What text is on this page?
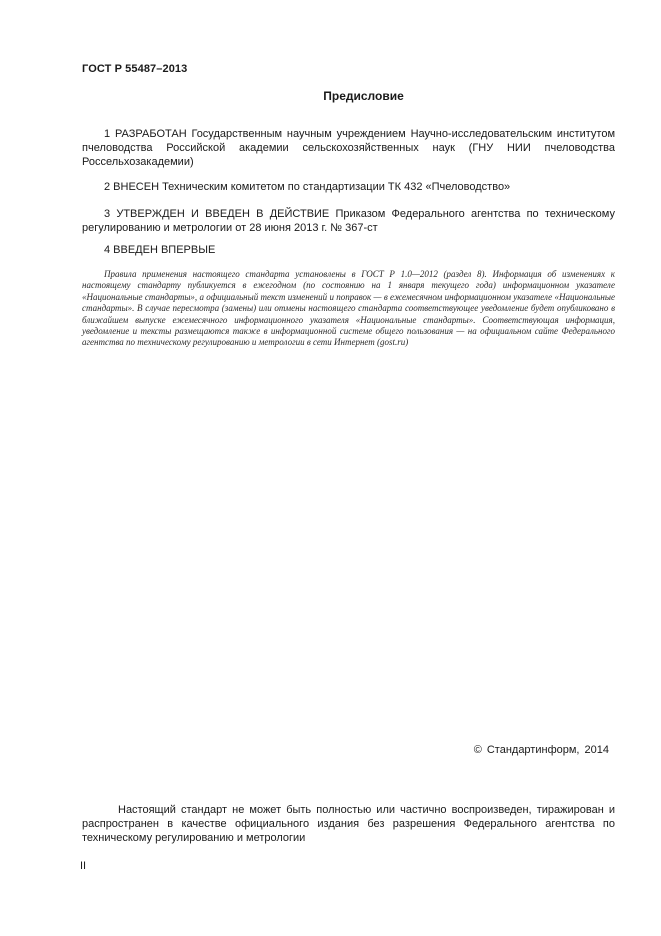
ГОСТ Р 55487–2013
Предисловие
1 РАЗРАБОТАН Государственным научным учреждением Научно-исследовательским институтом пчеловодства Российской академии сельскохозяйственных наук (ГНУ НИИ пчеловодства Россельхозакадемии)
2 ВНЕСЕН Техническим комитетом по стандартизации ТК 432 «Пчеловодство»
3 УТВЕРЖДЕН И ВВЕДЕН В ДЕЙСТВИЕ Приказом Федерального агентства по техническому регулированию и метрологии от 28 июня 2013 г. № 367-ст
4 ВВЕДЕН ВПЕРВЫЕ
Правила применения настоящего стандарта установлены в ГОСТ Р 1.0—2012 (раздел 8). Информация об изменениях к настоящему стандарту публикуется в ежегодном (по состоянию на 1 января текущего года) информационном указателе «Национальные стандарты», а официальный текст изменений и поправок — в ежемесячном информационном указателе «Национальные стандарты». В случае пересмотра (замены) или отмены настоящего стандарта соответствующее уведомление будет опубликовано в ближайшем выпуске ежемесячного информационного указателя «Национальные стандарты». Соответствующая информация, уведомление и тексты размещаются также в информационной системе общего пользования — на официальном сайте Федерального агентства по техническому регулированию и метрологии в сети Интернет (gost.ru)
© Стандартинформ, 2014
Настоящий стандарт не может быть полностью или частично воспроизведен, тиражирован и распространен в качестве официального издания без разрешения Федерального агентства по техническому регулированию и метрологии
II
